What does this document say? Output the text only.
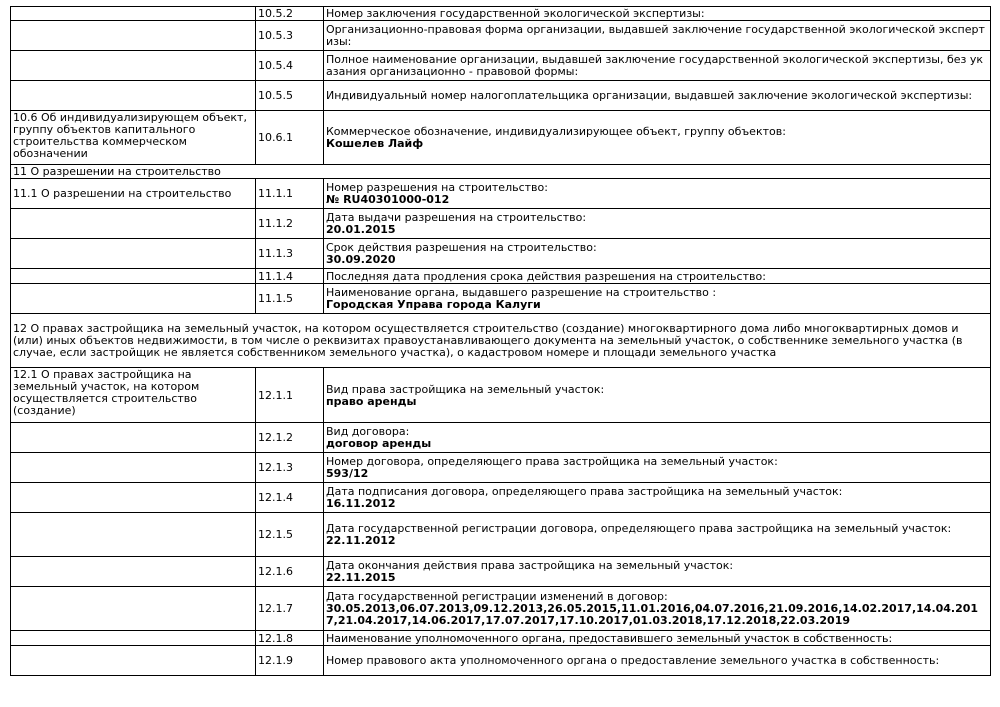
	10.5.2	Номер заключения государственной экологической экспертизы:

	10.5.3	Организационно-правовая форма организации, выдавшей заключение государственной экологической экспертизы:

	10.5.4	Полное наименование организации, выдавшей заключение государственной экологической экспертизы, без указания организационно - правовой формы:

	10.5.5	Индивидуальный номер налогоплательщика организации, выдавшей заключение экологической экспертизы:

10.6 Об индивидуализирующем объект, группу объектов капитального строительства коммерческом обозначении	10.6.1	Коммерческое обозначение, индивидуализирующее объект, группу объектов:
Кошелев Лайф

11 О разрешении на строительство		
11.1 О разрешении на строительство	11.1.1	Номер разрешения на строительство:
№ RU40301000-012

	11.1.2	Дата выдачи разрешения на строительство:
20.01.2015

	11.1.3	Срок действия разрешения на строительство:
30.09.2020

	11.1.4	Последняя дата продления срока действия разрешения на строительство:

	11.1.5	Наименование органа, выдавшего разрешение на строительство :
Городская Управа города Калуги

12 О правах застройщика на земельный участок, на котором осуществляется строительство (создание) многоквартирного дома либо многоквартирных домов и (или) иных объектов недвижимости, в том числе о реквизитах правоустанавливающего документа на земельный участок, о собственнике земельного участка (в случае, если застройщик не является собственником земельного участка), о кадастровом номере и площади земельного участка		
12.1 О правах застройщика на земельный участок, на котором осуществляется строительство (создание)	12.1.1	Вид права застройщика на земельный участок:
право аренды

	12.1.2	Вид договора:
договор аренды

	12.1.3	Номер договора, определяющего права застройщика на земельный участок:
593/12

	12.1.4	Дата подписания договора, определяющего права застройщика на земельный участок:
16.11.2012

	12.1.5	Дата государственной регистрации договора, определяющего права застройщика на земельный участок:
22.11.2012

	12.1.6	Дата окончания действия права застройщика на земельный участок:
22.11.2015

	12.1.7	Дата государственной регистрации изменений в договор:
30.05.2013,06.07.2013,09.12.2013,26.05.2015,11.01.2016,04.07.2016,21.09.2016,14.02.2017,14.04.2017,21.04.2017,14.06.2017,17.07.2017,17.10.2017,01.03.2018,17.12.2018,22.03.2019

	12.1.8	Наименование уполномоченного органа, предоставившего земельный участок в собственность:

	12.1.9	Номер правового акта уполномоченного органа о предоставление земельного участка в собственность:
